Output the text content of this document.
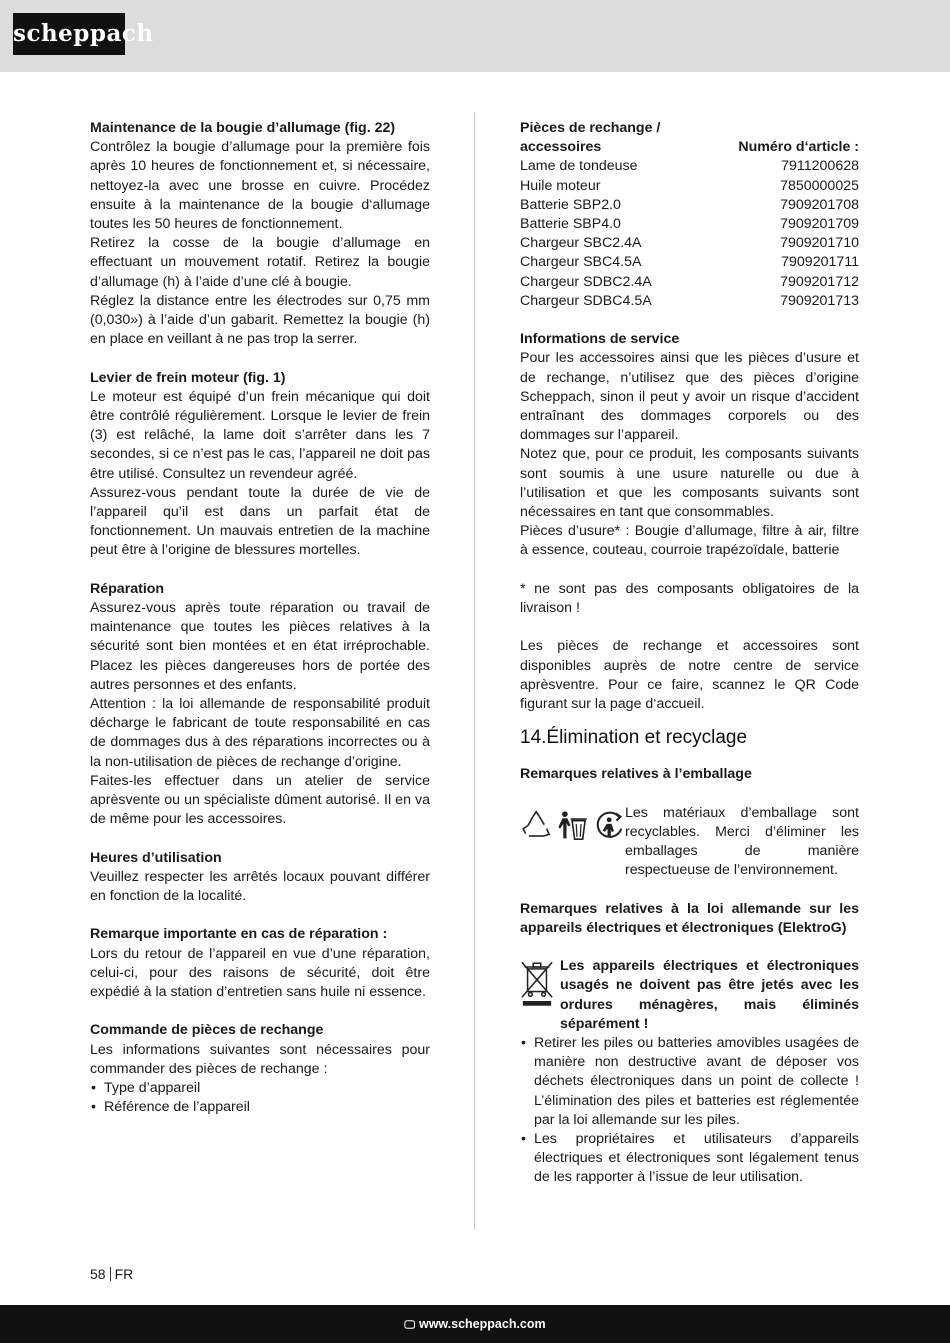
scheppach
Maintenance de la bougie d’allumage (fig. 22)

Contrôlez la bougie d’allumage pour la première fois après 10 heures de fonctionnement et, si nécessaire, nettoyez-la avec une brosse en cuivre. Procédez ensuite à la maintenance de la bougie d‘allumage toutes les 50 heures de fonctionnement.

Retirez la cosse de la bougie d’allumage en effectuant un mouvement rotatif. Retirez la bougie d’allumage (h) à l’aide d’une clé à bougie.

Réglez la distance entre les électrodes sur 0,75 mm (0,030») à l’aide d’un gabarit. Remettez la bougie (h) en place en veillant à ne pas trop la serrer.

Levier de frein moteur (fig. 1)

Le moteur est équipé d’un frein mécanique qui doit être contrôlé régulièrement. Lorsque le levier de frein (3) est relâché, la lame doit s’arrêter dans les 7 secondes, si ce n’est pas le cas, l’appareil ne doit pas être utilisé. Consultez un revendeur agréé.

Assurez-vous pendant toute la durée de vie de l’appareil qu’il est dans un parfait état de fonctionnement. Un mauvais entretien de la machine peut être à l’origine de blessures mortelles.

Réparation

Assurez-vous après toute réparation ou travail de maintenance que toutes les pièces relatives à la sécurité sont bien montées et en état irréprochable. Placez les pièces dangereuses hors de portée des autres personnes et des enfants.

Attention : la loi allemande de responsabilité produit décharge le fabricant de toute responsabilité en cas de dommages dus à des réparations incorrectes ou à la non-utilisation de pièces de rechange d’origine.

Faites-les effectuer dans un atelier de service aprèsvente ou un spécialiste dûment autorisé. Il en va de même pour les accessoires.

Heures d’utilisation

Veuillez respecter les arrêtés locaux pouvant différer en fonction de la localité.

Remarque importante en cas de réparation :

Lors du retour de l’appareil en vue d’une réparation, celui-ci, pour des raisons de sécurité, doit être expédié à la station d’entretien sans huile ni essence.

Commande de pièces de rechange

Les informations suivantes sont nécessaires pour commander des pièces de rechange :

• Type d’appareil
• Référence de l’appareil
Pièces de rechange /	
accessoires	Numéro d‘article :
Lame de tondeuse	7911200628
Huile moteur	7850000025
Batterie SBP2.0	7909201708
Batterie SBP4.0	7909201709
Chargeur SBC2.4A	7909201710
Chargeur SBC4.5A	7909201711
Chargeur SDBC2.4A	7909201712
Chargeur SDBC4.5A	7909201713
Informations de service

Pour les accessoires ainsi que les pièces d’usure et de rechange, n’utilisez que des pièces d’origine Scheppach, sinon il peut y avoir un risque d’accident entraînant des dommages corporels ou des dommages sur l’appareil.

Notez que, pour ce produit, les composants suivants sont soumis à une usure naturelle ou due à l’utilisation et que les composants suivants sont nécessaires en tant que consommables.

Pièces d’usure* : Bougie d’allumage, filtre à air, filtre à essence, couteau, courroie trapézoïdale, batterie

* ne sont pas des composants obligatoires de la livraison !

Les pièces de rechange et accessoires sont disponibles auprès de notre centre de service aprèsventre. Pour ce faire, scannez le QR Code figurant sur la page d‘accueil.

14.Élimination et recyclage
Remarques relatives à l’emballage

Les matériaux d’emballage sont recyclables. Merci d’éliminer les emballages de manière respectueuse de l’environnement.

Remarques relatives à la loi allemande sur les appareils électriques et électroniques (ElektroG)

Les appareils électriques et électroniques usagés ne doivent pas être jetés avec les ordures ménagères, mais éliminés séparément !

• Retirer les piles ou batteries amovibles usagées de manière non destructive avant de déposer vos déchets électroniques dans un point de collecte ! L’élimination des piles et batteries est réglementée par la loi allemande sur les piles.
• Les propriétaires et utilisateurs d’appareils électriques et électroniques sont légalement tenus de les rapporter à l’issue de leur utilisation.
58 FR
🖵 www.scheppach.com
